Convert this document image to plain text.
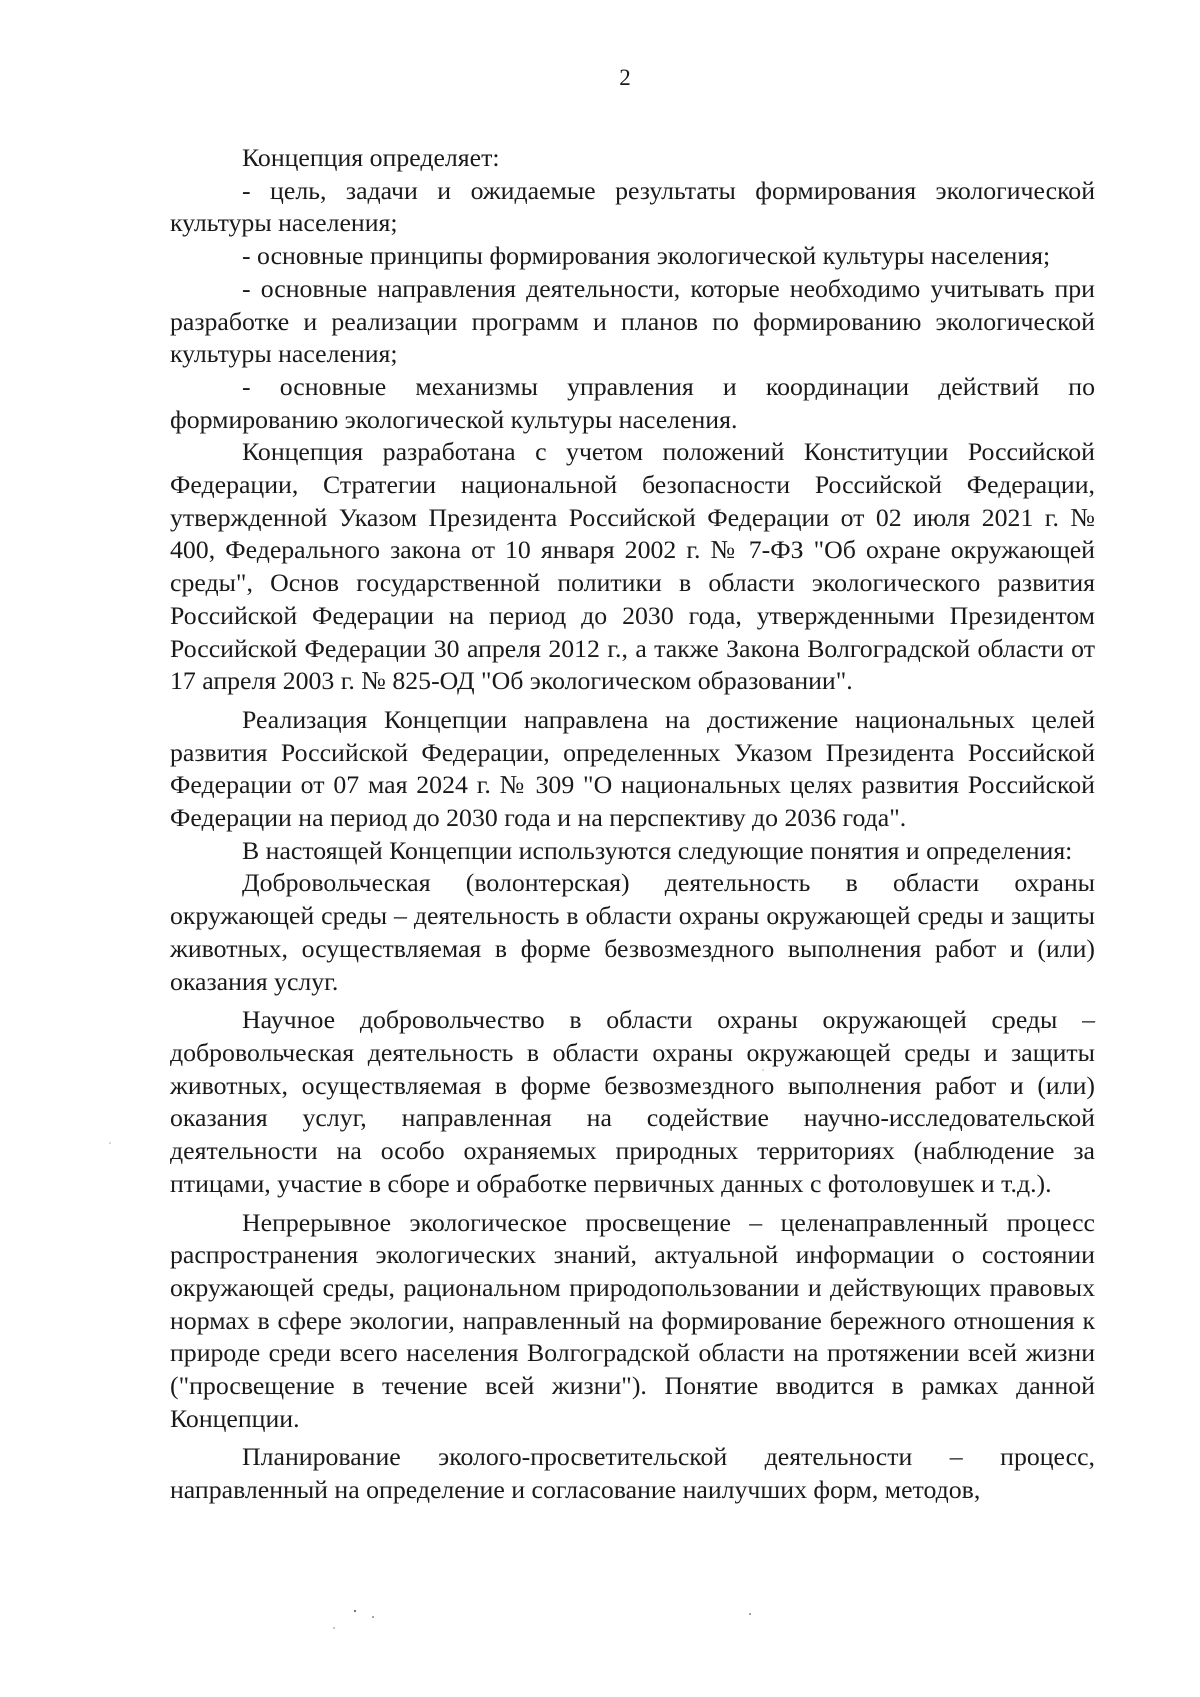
2

Концепция определяет:

- цель, задачи и ожидаемые результаты формирования экологической культуры населения;

- основные принципы формирования экологической культуры населения;

- основные направления деятельности, которые необходимо учитывать при разработке и реализации программ и планов по формированию экологической культуры населения;

- основные механизмы управления и координации действий по формированию экологической культуры населения.

Концепция разработана с учетом положений Конституции Российской Федерации, Стратегии национальной безопасности Российской Федерации, утвержденной Указом Президента Российской Федерации от 02 июля 2021 г. № 400, Федерального закона от 10 января 2002 г. № 7-ФЗ "Об охране окружающей среды", Основ государственной политики в области экологического развития Российской Федерации на период до 2030 года, утвержденными Президентом Российской Федерации 30 апреля 2012 г., а также Закона Волгоградской области от 17 апреля 2003 г. № 825-ОД "Об экологическом образовании".

Реализация Концепции направлена на достижение национальных целей развития Российской Федерации, определенных Указом Президента Российской Федерации от 07 мая 2024 г. № 309 "О национальных целях развития Российской Федерации на период до 2030 года и на перспективу до 2036 года".

В настоящей Концепции используются следующие понятия и определения:

Добровольческая (волонтерская) деятельность в области охраны окружающей среды – деятельность в области охраны окружающей среды и защиты животных, осуществляемая в форме безвозмездного выполнения работ и (или) оказания услуг.

Научное добровольчество в области охраны окружающей среды – добровольческая деятельность в области охраны окружающей среды и защиты животных, осуществляемая в форме безвозмездного выполнения работ и (или) оказания услуг, направленная на содействие научно-исследовательской деятельности на особо охраняемых природных территориях (наблюдение за птицами, участие в сборе и обработке первичных данных с фотоловушек и т.д.).

Непрерывное экологическое просвещение – целенаправленный процесс распространения экологических знаний, актуальной информации о состоянии окружающей среды, рациональном природопользовании и действующих правовых нормах в сфере экологии, направленный на формирование бережного отношения к природе среди всего населения Волгоградской области на протяжении всей жизни ("просвещение в течение всей жизни"). Понятие вводится в рамках данной Концепции.

Планирование эколого-просветительской деятельности – процесс, направленный на определение и согласование наилучших форм, методов,
